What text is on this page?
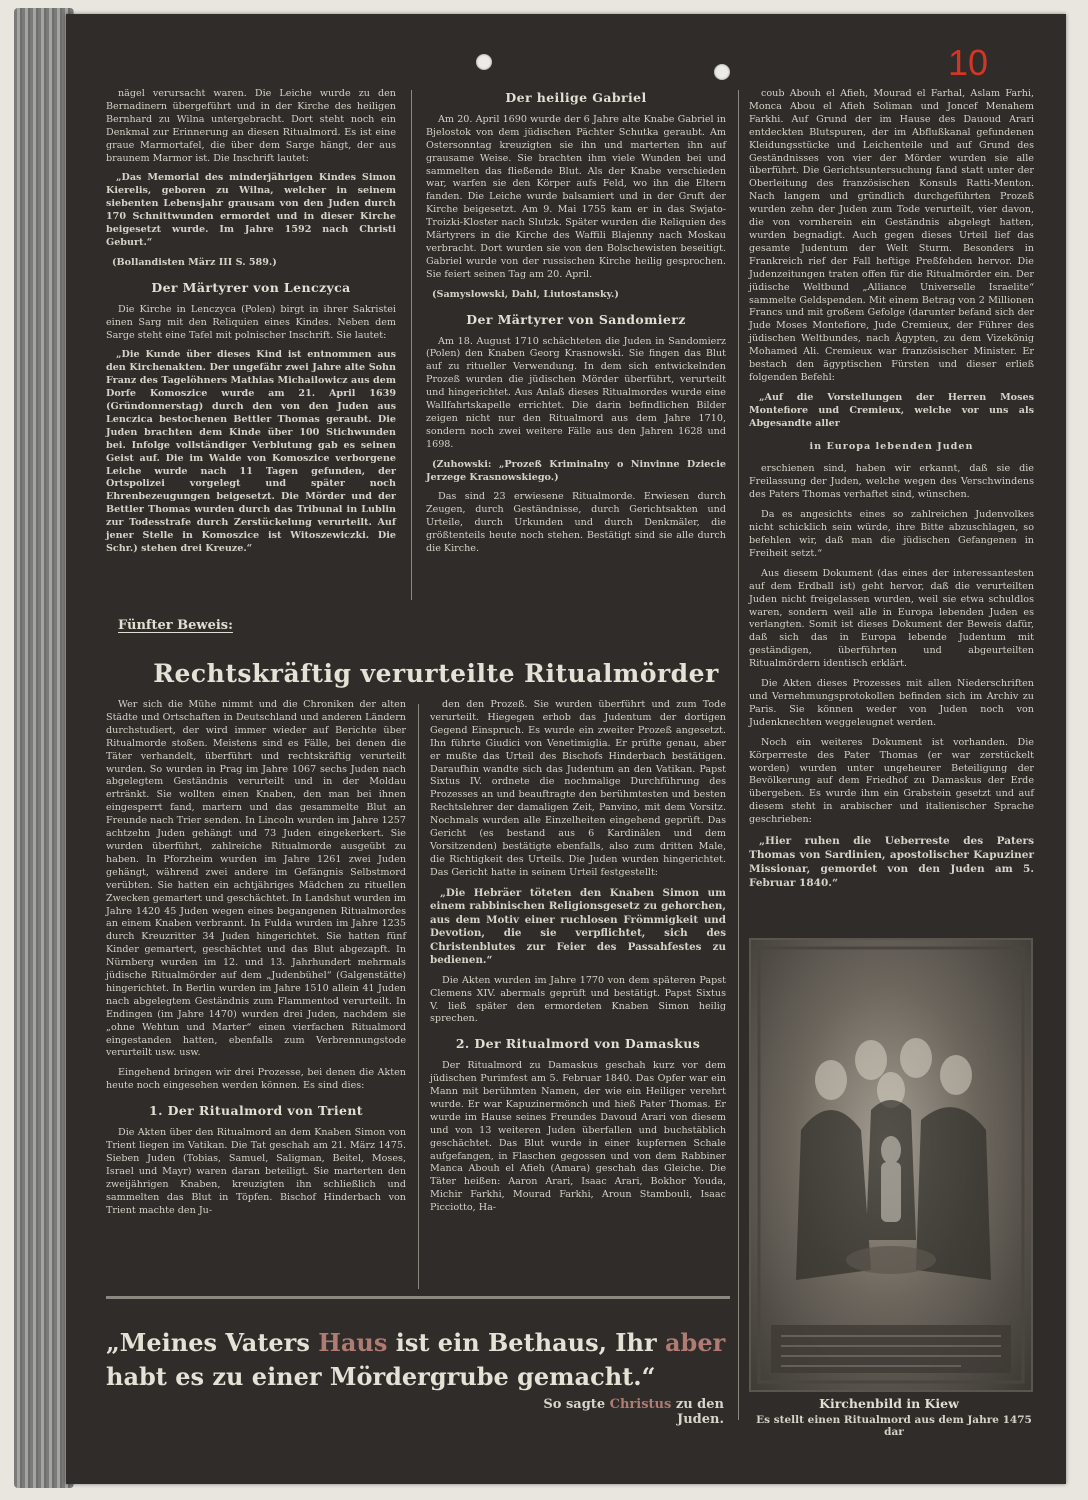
10

nägel verursacht waren. Die Leiche wurde zu den Bernadinern übergeführt und in der Kirche des heiligen Bernhard zu Wilna untergebracht. Dort steht noch ein Denkmal zur Erinnerung an diesen Ritualmord. Es ist eine graue Marmortafel, die über dem Sarge hängt, der aus braunem Marmor ist. Die Inschrift lautet:

„Das Memorial des minderjährigen Kindes Simon Kierelis, geboren zu Wilna, welcher in seinem siebenten Lebensjahr grausam von den Juden durch 170 Schnittwunden ermordet und in dieser Kirche beigesetzt wurde. Im Jahre 1592 nach Christi Geburt.“

(Bollandisten März III S. 589.)

Der Märtyrer von Lenczyca

Die Kirche in Lenczyca (Polen) birgt in ihrer Sakristei einen Sarg mit den Reliquien eines Kindes. Neben dem Sarge steht eine Tafel mit polnischer Inschrift. Sie lautet:

„Die Kunde über dieses Kind ist entnommen aus den Kirchenakten. Der ungefähr zwei Jahre alte Sohn Franz des Tagelöhners Mathias Michailowicz aus dem Dorfe Komoszice wurde am 21. April 1639 (Gründonnerstag) durch den von den Juden aus Lenczica bestochenen Bettler Thomas geraubt. Die Juden brachten dem Kinde über 100 Stichwunden bei. Infolge vollständiger Verblutung gab es seinen Geist auf. Die im Walde von Komoszice verborgene Leiche wurde nach 11 Tagen gefunden, der Ortspolizei vorgelegt und später noch Ehrenbezeugungen beigesetzt. Die Mörder und der Bettler Thomas wurden durch das Tribunal in Lublin zur Todesstrafe durch Zerstückelung verurteilt. Auf jener Stelle in Komoszice ist Witoszewiczki. Die Schr.) stehen drei Kreuze.“

Der heilige Gabriel

Am 20. April 1690 wurde der 6 Jahre alte Knabe Gabriel in Bjelostok von dem jüdischen Pächter Schutka geraubt. Am Ostersonntag kreuzigten sie ihn und marterten ihn auf grausame Weise. Sie brachten ihm viele Wunden bei und sammelten das fließende Blut. Als der Knabe verschieden war, warfen sie den Körper aufs Feld, wo ihn die Eltern fanden. Die Leiche wurde balsamiert und in der Gruft der Kirche beigesetzt. Am 9. Mai 1755 kam er in das Swjato-Troizki-Kloster nach Slutzk. Später wurden die Reliquien des Märtyrers in die Kirche des Waffili Blajenny nach Moskau verbracht. Dort wurden sie von den Bolschewisten beseitigt. Gabriel wurde von der russischen Kirche heilig gesprochen. Sie feiert seinen Tag am 20. April.

(Samyslowski, Dahl, Liutostansky.)

Der Märtyrer von Sandomierz

Am 18. August 1710 schächteten die Juden in Sandomierz (Polen) den Knaben Georg Krasnowski. Sie fingen das Blut auf zu ritueller Verwendung. In dem sich entwickelnden Prozeß wurden die jüdischen Mörder überführt, verurteilt und hingerichtet. Aus Anlaß dieses Ritualmordes wurde eine Wallfahrtskapelle errichtet. Die darin befindlichen Bilder zeigen nicht nur den Ritualmord aus dem Jahre 1710, sondern noch zwei weitere Fälle aus den Jahren 1628 und 1698.

(Zuhowski: „Prozeß Kriminalny o Ninvinne Dziecie Jerzege Krasnowskiego.)

Das sind 23 erwiesene Ritualmorde. Erwiesen durch Zeugen, durch Geständnisse, durch Gerichtsakten und Urteile, durch Urkunden und durch Denkmäler, die größtenteils heute noch stehen. Bestätigt sind sie alle durch die Kirche.

coub Abouh el Afieh, Mourad el Farhal, Aslam Farhi, Monca Abou el Afieh Soliman und Joncef Menahem Farkhi. Auf Grund der im Hause des Dauoud Arari entdeckten Blutspuren, der im Abflußkanal gefundenen Kleidungsstücke und Leichenteile und auf Grund des Geständnisses von vier der Mörder wurden sie alle überführt. Die Gerichtsuntersuchung fand statt unter der Oberleitung des französischen Konsuls Ratti-Menton. Nach langem und gründlich durchgeführten Prozeß wurden zehn der Juden zum Tode verurteilt, vier davon, die von vornherein ein Geständnis abgelegt hatten, wurden begnadigt. Auch gegen dieses Urteil lief das gesamte Judentum der Welt Sturm. Besonders in Frankreich rief der Fall heftige Preßfehden hervor. Die Judenzeitungen traten offen für die Ritualmörder ein. Der jüdische Weltbund „Alliance Universelle Israelite“ sammelte Geldspenden. Mit einem Betrag von 2 Millionen Francs und mit großem Gefolge (darunter befand sich der Jude Moses Montefiore, Jude Cremieux, der Führer des jüdischen Weltbundes, nach Ägypten, zu dem Vizekönig Mohamed Ali. Cremieux war französischer Minister. Er bestach den ägyptischen Fürsten und dieser erließ folgenden Befehl:

„Auf die Vorstellungen der Herren Moses Montefiore und Cremieux, welche vor uns als Abgesandte aller

in Europa lebenden Juden

erschienen sind, haben wir erkannt, daß sie die Freilassung der Juden, welche wegen des Verschwindens des Paters Thomas verhaftet sind, wünschen.

Da es angesichts eines so zahlreichen Judenvolkes nicht schicklich sein würde, ihre Bitte abzuschlagen, so befehlen wir, daß man die jüdischen Gefangenen in Freiheit setzt.“

Aus diesem Dokument (das eines der interessantesten auf dem Erdball ist) geht hervor, daß die verurteilten Juden nicht freigelassen wurden, weil sie etwa schuldlos waren, sondern weil alle in Europa lebenden Juden es verlangten. Somit ist dieses Dokument der Beweis dafür, daß sich das in Europa lebende Judentum mit geständigen, überführten und abgeurteilten Ritualmördern identisch erklärt.

Die Akten dieses Prozesses mit allen Niederschriften und Vernehmungsprotokollen befinden sich im Archiv zu Paris. Sie können weder von Juden noch von Judenknechten weggeleugnet werden.

Noch ein weiteres Dokument ist vorhanden. Die Körperreste des Pater Thomas (er war zerstückelt worden) wurden unter ungeheurer Beteiligung der Bevölkerung auf dem Friedhof zu Damaskus der Erde übergeben. Es wurde ihm ein Grabstein gesetzt und auf diesem steht in arabischer und italienischer Sprache geschrieben:

„Hier ruhen die Ueberreste des Paters Thomas von Sardinien, apostolischer Kapuziner Missionar, gemordet von den Juden am 5. Februar 1840.“

Fünfter Beweis:
Rechtskräftig verurteilte Ritualmörder

Wer sich die Mühe nimmt und die Chroniken der alten Städte und Ortschaften in Deutschland und anderen Ländern durchstudiert, der wird immer wieder auf Berichte über Ritualmorde stoßen. Meistens sind es Fälle, bei denen die Täter verhandelt, überführt und rechtskräftig verurteilt wurden. So wurden in Prag im Jahre 1067 sechs Juden nach abgelegtem Geständnis verurteilt und in der Moldau ertränkt. Sie wollten einen Knaben, den man bei ihnen eingesperrt fand, martern und das gesammelte Blut an Freunde nach Trier senden. In Lincoln wurden im Jahre 1257 achtzehn Juden gehängt und 73 Juden eingekerkert. Sie wurden überführt, zahlreiche Ritualmorde ausgeübt zu haben. In Pforzheim wurden im Jahre 1261 zwei Juden gehängt, während zwei andere im Gefängnis Selbstmord verübten. Sie hatten ein achtjähriges Mädchen zu rituellen Zwecken gemartert und geschächtet. In Landshut wurden im Jahre 1420 45 Juden wegen eines begangenen Ritualmordes an einem Knaben verbrannt. In Fulda wurden im Jahre 1235 durch Kreuzritter 34 Juden hingerichtet. Sie hatten fünf Kinder gemartert, geschächtet und das Blut abgezapft. In Nürnberg wurden im 12. und 13. Jahrhundert mehrmals jüdische Ritualmörder auf dem „Judenbühel“ (Galgenstätte) hingerichtet. In Berlin wurden im Jahre 1510 allein 41 Juden nach abgelegtem Geständnis zum Flammentod verurteilt. In Endingen (im Jahre 1470) wurden drei Juden, nachdem sie „ohne Wehtun und Marter“ einen vierfachen Ritualmord eingestanden hatten, ebenfalls zum Verbrennungstode verurteilt usw. usw.

Eingehend bringen wir drei Prozesse, bei denen die Akten heute noch eingesehen werden können. Es sind dies:

1. Der Ritualmord von Trient

Die Akten über den Ritualmord an dem Knaben Simon von Trient liegen im Vatikan. Die Tat geschah am 21. März 1475. Sieben Juden (Tobias, Samuel, Saligman, Beitel, Moses, Israel und Mayr) waren daran beteiligt. Sie marterten den zweijährigen Knaben, kreuzigten ihn schließlich und sammelten das Blut in Töpfen. Bischof Hinderbach von Trient machte den Ju-

den den Prozeß. Sie wurden überführt und zum Tode verurteilt. Hiegegen erhob das Judentum der dortigen Gegend Einspruch. Es wurde ein zweiter Prozeß angesetzt. Ihn führte Giudici von Venetimiglia. Er prüfte genau, aber er mußte das Urteil des Bischofs Hinderbach bestätigen. Daraufhin wandte sich das Judentum an den Vatikan. Papst Sixtus IV. ordnete die nochmalige Durchführung des Prozesses an und beauftragte den berühmtesten und besten Rechtslehrer der damaligen Zeit, Panvino, mit dem Vorsitz. Nochmals wurden alle Einzelheiten eingehend geprüft. Das Gericht (es bestand aus 6 Kardinälen und dem Vorsitzenden) bestätigte ebenfalls, also zum dritten Male, die Richtigkeit des Urteils. Die Juden wurden hingerichtet. Das Gericht hatte in seinem Urteil festgestellt:

„Die Hebräer töteten den Knaben Simon um einem rabbinischen Religionsgesetz zu gehorchen, aus dem Motiv einer ruchlosen Frömmigkeit und Devotion, die sie verpflichtet, sich des Christenblutes zur Feier des Passahfestes zu bedienen.“

Die Akten wurden im Jahre 1770 von dem späteren Papst Clemens XIV. abermals geprüft und bestätigt. Papst Sixtus V. ließ später den ermordeten Knaben Simon heilig sprechen.

2. Der Ritualmord von Damaskus

Der Ritualmord zu Damaskus geschah kurz vor dem jüdischen Purimfest am 5. Februar 1840. Das Opfer war ein Mann mit berühmten Namen, der wie ein Heiliger verehrt wurde. Er war Kapuzinermönch und hieß Pater Thomas. Er wurde im Hause seines Freundes Davoud Arari von diesem und von 13 weiteren Juden überfallen und buchstäblich geschächtet. Das Blut wurde in einer kupfernen Schale aufgefangen, in Flaschen gegossen und von dem Rabbiner Manca Abouh el Afieh (Amara) geschah das Gleiche. Die Täter heißen: Aaron Arari, Isaac Arari, Bokhor Youda, Michir Farkhi, Mourad Farkhi, Aroun Stambouli, Isaac Picciotto, Ha-

„Meines Vaters Haus ist ein Bethaus, Ihr aber habt es zu einer Mördergrube gemacht.“
So sagte Christus zu den Juden.
Kirchenbild in Kiew
Es stellt einen Ritualmord aus dem Jahre 1475 dar
